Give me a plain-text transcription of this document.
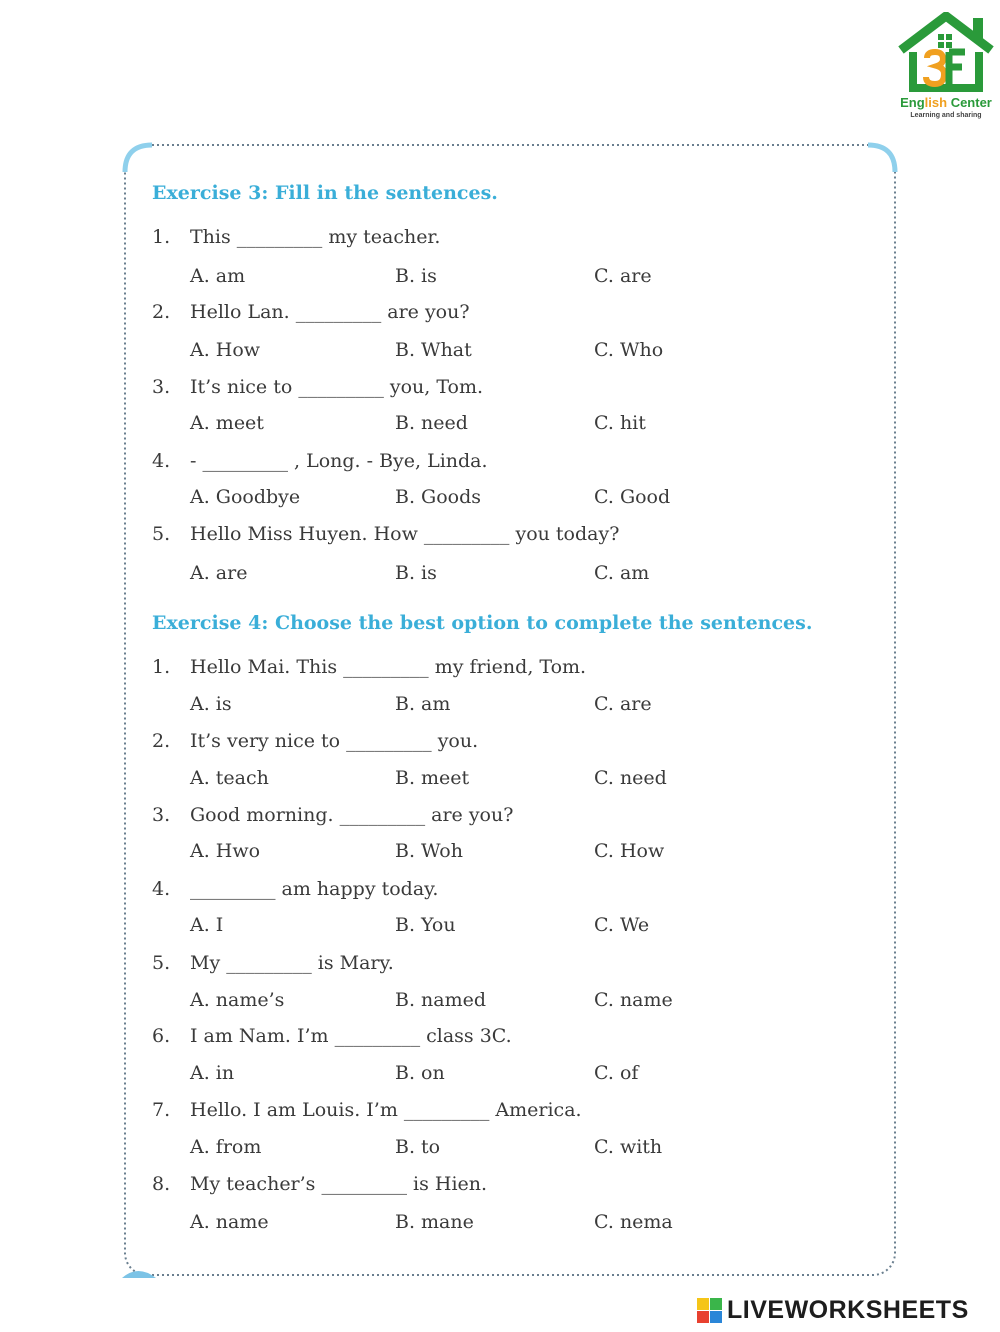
English Center
Learning and sharing
Exercise 3: Fill in the sentences.
1. This _________ my teacher.
A. am	B. is	C. are
2. Hello Lan. _________ are you?
A. How	B. What	C. Who
3. It’s nice to _________ you, Tom.
A. meet	B. need	C. hit
4. - _________ , Long. - Bye, Linda.
A. Goodbye	B. Goods	C. Good
5. Hello Miss Huyen. How _________ you today?
A. are	B. is	C. am
Exercise 4: Choose the best option to complete the sentences.
1. Hello Mai. This _________ my friend, Tom.
A. is	B. am	C. are
2. It’s very nice to _________ you.
A. teach	B. meet	C. need
3. Good morning. _________ are you?
A. Hwo	B. Woh	C. How
4. _________ am happy today.
A. I	B. You	C. We
5. My _________ is Mary.
A. name’s	B. named	C. name
6. I am Nam. I’m _________ class 3C.
A. in	B. on	C. of
7. Hello. I am Louis. I’m _________ America.
A. from	B. to	C. with
8. My teacher’s _________ is Hien.
A. name	B. mane	C. nema
LIVEWORKSHEETS
